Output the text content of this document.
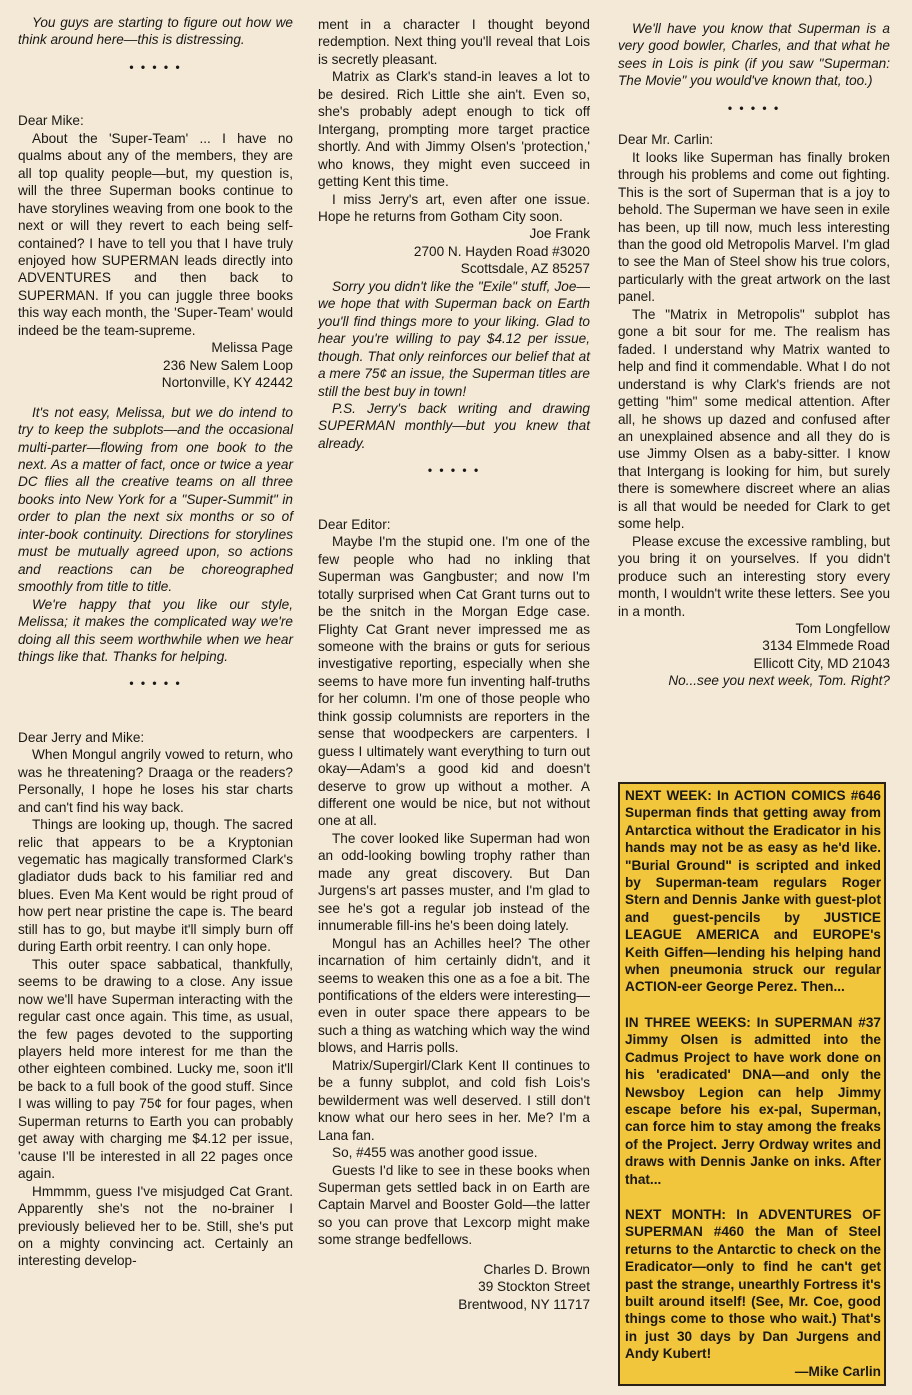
You guys are starting to figure out how we think around here—this is distressing.

• • • • •

Dear Mike:

About the 'Super-Team' ... I have no qualms about any of the members, they are all top quality people—but, my question is, will the three Superman books continue to have storylines weaving from one book to the next or will they revert to each being self-contained? I have to tell you that I have truly enjoyed how SUPERMAN leads directly into ADVENTURES and then back to SUPERMAN. If you can juggle three books this way each month, the 'Super-Team' would indeed be the team-supreme.

Melissa Page

236 New Salem Loop

Nortonville, KY 42442

It's not easy, Melissa, but we do intend to try to keep the subplots—and the occasional multi-parter—flowing from one book to the next. As a matter of fact, once or twice a year DC flies all the creative teams on all three books into New York for a "Super-Summit" in order to plan the next six months or so of inter-book continuity. Directions for storylines must be mutually agreed upon, so actions and reactions can be choreographed smoothly from title to title.

We're happy that you like our style, Melissa; it makes the complicated way we're doing all this seem worthwhile when we hear things like that. Thanks for helping.

• • • • •

Dear Jerry and Mike:

When Mongul angrily vowed to return, who was he threatening? Draaga or the readers? Personally, I hope he loses his star charts and can't find his way back.

Things are looking up, though. The sacred relic that appears to be a Kryptonian vegematic has magically transformed Clark's gladiator duds back to his familiar red and blues. Even Ma Kent would be right proud of how pert near pristine the cape is. The beard still has to go, but maybe it'll simply burn off during Earth orbit reentry. I can only hope.

This outer space sabbatical, thankfully, seems to be drawing to a close. Any issue now we'll have Superman interacting with the regular cast once again. This time, as usual, the few pages devoted to the supporting players held more interest for me than the other eighteen combined. Lucky me, soon it'll be back to a full book of the good stuff. Since I was willing to pay 75¢ for four pages, when Superman returns to Earth you can probably get away with charging me $4.12 per issue, 'cause I'll be interested in all 22 pages once again.

Hmmmm, guess I've misjudged Cat Grant. Apparently she's not the no-brainer I previously believed her to be. Still, she's put on a mighty convincing act. Certainly an interesting develop-

ment in a character I thought beyond redemption. Next thing you'll reveal that Lois is secretly pleasant.

Matrix as Clark's stand-in leaves a lot to be desired. Rich Little she ain't. Even so, she's probably adept enough to tick off Intergang, prompting more target practice shortly. And with Jimmy Olsen's 'protection,' who knows, they might even succeed in getting Kent this time.

I miss Jerry's art, even after one issue. Hope he returns from Gotham City soon.

Joe Frank

2700 N. Hayden Road #3020

Scottsdale, AZ 85257

Sorry you didn't like the "Exile" stuff, Joe—we hope that with Superman back on Earth you'll find things more to your liking. Glad to hear you're willing to pay $4.12 per issue, though. That only reinforces our belief that at a mere 75¢ an issue, the Superman titles are still the best buy in town!

P.S. Jerry's back writing and drawing SUPERMAN monthly—but you knew that already.

• • • • •

Dear Editor:

Maybe I'm the stupid one. I'm one of the few people who had no inkling that Superman was Gangbuster; and now I'm totally surprised when Cat Grant turns out to be the snitch in the Morgan Edge case. Flighty Cat Grant never impressed me as someone with the brains or guts for serious investigative reporting, especially when she seems to have more fun inventing half-truths for her column. I'm one of those people who think gossip columnists are reporters in the sense that woodpeckers are carpenters. I guess I ultimately want everything to turn out okay—Adam's a good kid and doesn't deserve to grow up without a mother. A different one would be nice, but not without one at all.

The cover looked like Superman had won an odd-looking bowling trophy rather than made any great discovery. But Dan Jurgens's art passes muster, and I'm glad to see he's got a regular job instead of the innumerable fill-ins he's been doing lately.

Mongul has an Achilles heel? The other incarnation of him certainly didn't, and it seems to weaken this one as a foe a bit. The pontifications of the elders were interesting—even in outer space there appears to be such a thing as watching which way the wind blows, and Harris polls.

Matrix/Supergirl/Clark Kent II continues to be a funny subplot, and cold fish Lois's bewilderment was well deserved. I still don't know what our hero sees in her. Me? I'm a Lana fan.

So, #455 was another good issue.

Guests I'd like to see in these books when Superman gets settled back in on Earth are Captain Marvel and Booster Gold—the latter so you can prove that Lexcorp might make some strange bedfellows.

Charles D. Brown

39 Stockton Street

Brentwood, NY 11717

We'll have you know that Superman is a very good bowler, Charles, and that what he sees in Lois is pink (if you saw "Superman: The Movie" you would've known that, too.)

• • • • •

Dear Mr. Carlin:

It looks like Superman has finally broken through his problems and come out fighting. This is the sort of Superman that is a joy to behold. The Superman we have seen in exile has been, up till now, much less interesting than the good old Metropolis Marvel. I'm glad to see the Man of Steel show his true colors, particularly with the great artwork on the last panel.

The "Matrix in Metropolis" subplot has gone a bit sour for me. The realism has faded. I understand why Matrix wanted to help and find it commendable. What I do not understand is why Clark's friends are not getting "him" some medical attention. After all, he shows up dazed and confused after an unexplained absence and all they do is use Jimmy Olsen as a baby-sitter. I know that Intergang is looking for him, but surely there is somewhere discreet where an alias is all that would be needed for Clark to get some help.

Please excuse the excessive rambling, but you bring it on yourselves. If you didn't produce such an interesting story every month, I wouldn't write these letters. See you in a month.

Tom Longfellow

3134 Elmmede Road

Ellicott City, MD 21043

No...see you next week, Tom. Right?

NEXT WEEK: In ACTION COMICS #646 Superman finds that getting away from Antarctica without the Eradicator in his hands may not be as easy as he'd like. "Burial Ground" is scripted and inked by Superman-team regulars Roger Stern and Dennis Janke with guest-plot and guest-pencils by JUSTICE LEAGUE AMERICA and EUROPE's Keith Giffen—lending his helping hand when pneumonia struck our regular ACTION-eer George Perez. Then...

IN THREE WEEKS: In SUPERMAN #37 Jimmy Olsen is admitted into the Cadmus Project to have work done on his 'eradicated' DNA—and only the Newsboy Legion can help Jimmy escape before his ex-pal, Superman, can force him to stay among the freaks of the Project. Jerry Ordway writes and draws with Dennis Janke on inks. After that...

NEXT MONTH: In ADVENTURES OF SUPERMAN #460 the Man of Steel returns to the Antarctic to check on the Eradicator—only to find he can't get past the strange, unearthly Fortress it's built around itself! (See, Mr. Coe, good things come to those who wait.) That's in just 30 days by Dan Jurgens and Andy Kubert!

—Mike Carlin
